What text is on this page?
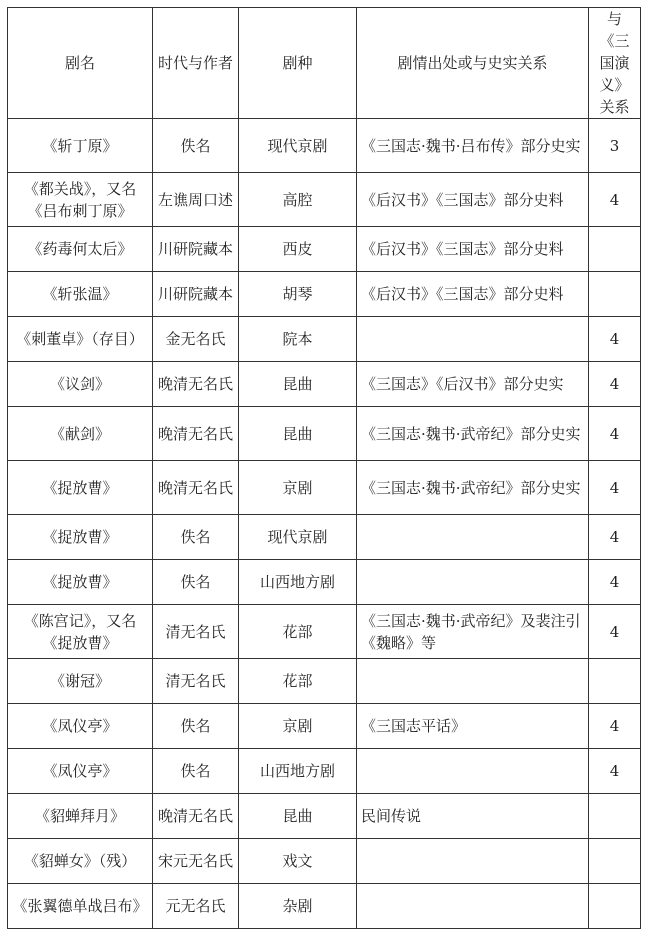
剧名	时代与作者	剧种	剧情出处或与史实关系	与《三国演义》关系
《斩丁原》	佚名	现代京剧	《三国志·魏书·吕布传》部分史实	3
《都关战》，又名《吕布刺丁原》	左谯周口述	高腔	《后汉书》《三国志》部分史料	4
《药毒何太后》	川研院藏本	西皮	《后汉书》《三国志》部分史料	
《斩张温》	川研院藏本	胡琴	《后汉书》《三国志》部分史料	
《刺董卓》（存目）	金无名氏	院本		4
《议剑》	晚清无名氏	昆曲	《三国志》《后汉书》部分史实	4
《献剑》	晚清无名氏	昆曲	《三国志·魏书·武帝纪》部分史实	4
《捉放曹》	晚清无名氏	京剧	《三国志·魏书·武帝纪》部分史实	4
《捉放曹》	佚名	现代京剧		4
《捉放曹》	佚名	山西地方剧		4
《陈宫记》，又名《捉放曹》	清无名氏	花部	《三国志·魏书·武帝纪》及裴注引《魏略》等	4
《谢冠》	清无名氏	花部		
《凤仪亭》	佚名	京剧	《三国志平话》	4
《凤仪亭》	佚名	山西地方剧		4
《貂蝉拜月》	晚清无名氏	昆曲	民间传说	
《貂蝉女》（残）	宋元无名氏	戏文		
《张翼德单战吕布》	元无名氏	杂剧		
